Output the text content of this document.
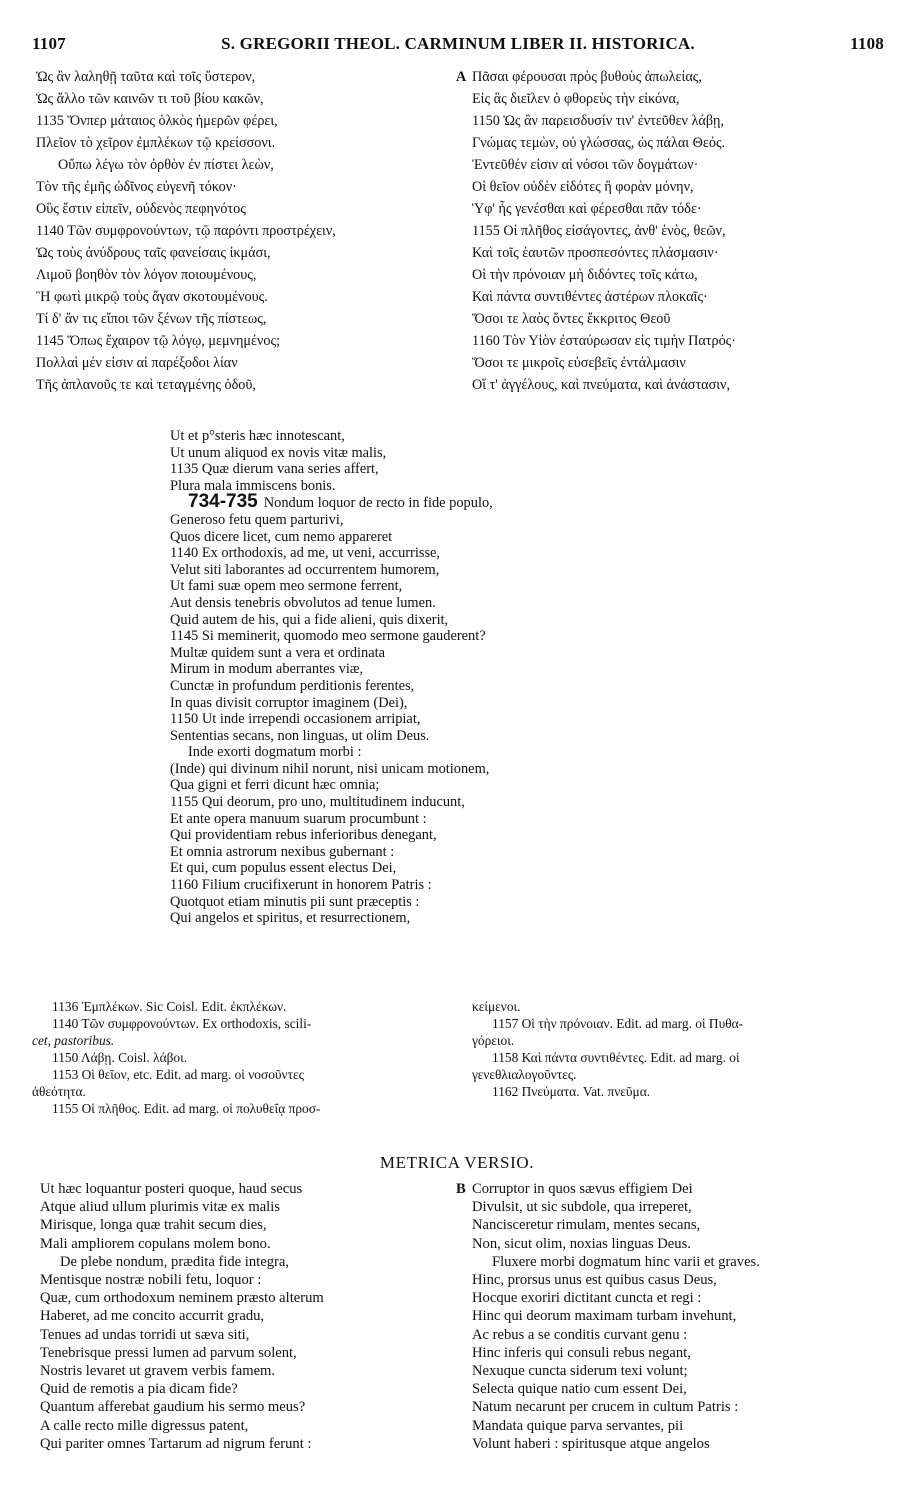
1107	S. GREGORII THEOL. CARMINUM LIBER II. HISTORICA.	1108
Ὡς ἂν λαληθῇ ταῦτα καὶ τοῖς ὕστερον,
Ὡς ἄλλο τῶν καινῶν τι τοῦ βίου κακῶν,
1135 Ὅνπερ μάταιος ὁλκὸς ἡμερῶν φέρει,
Πλεῖον τὸ χεῖρον ἐμπλέκων τῷ κρείσσονι.
Οὔπω λέγω τὸν ὀρθὸν ἐν πίστει λεὼν,
Τὸν τῆς ἐμῆς ὠδῖνος εὐγενῆ τόκον·
Οὓς ἔστιν εἰπεῖν, οὐδενὸς πεφηνότος
1140 Τῶν συμφρονούντων, τῷ παρόντι προστρέχειν,
Ὡς τοὺς ἀνύδρους ταῖς φανείσαις ἰκμάσι,
Λιμοῦ βοηθὸν τὸν λόγον ποιουμένους,
Ἢ φωτὶ μικρῷ τοὺς ἄγαν σκοτουμένους.
Τί δ' ἄν τις εἴποι τῶν ξένων τῆς πίστεως,
1145 Ὅπως ἔχαιρον τῷ λόγῳ, μεμνημένος;
Πολλαὶ μέν εἰσιν αἱ παρέξοδοι λίαν
Τῆς ἀπλανοῦς τε καὶ τεταγμένης ὁδοῦ,
A Πᾶσαι φέρουσαι πρὸς βυθοὺς ἀπωλείας,
Εἰς ἃς διεῖλεν ὁ φθορεὺς τὴν εἰκόνα,
1150 Ὡς ἂν παρεισδυσίν τιν' ἐντεῦθεν λάβῃ,
Γνώμας τεμὼν, οὐ γλώσσας, ὡς πάλαι Θεός.
Ἐντεῦθέν εἰσιν αἱ νόσοι τῶν δογμάτων·
Οἱ θεῖον οὐδὲν εἰδότες ἢ φορὰν μόνην,
Ὑφ' ἧς γενέσθαι καὶ φέρεσθαι πᾶν τόδε·
1155 Οἱ πλῆθος εἰσάγοντες, ἀνθ' ἑνὸς, θεῶν,
Καὶ τοῖς ἑαυτῶν προσπεσόντες πλάσμασιν·
Οἱ τὴν πρόνοιαν μὴ διδόντες τοῖς κάτω,
Καὶ πάντα συντιθέντες ἀστέρων πλοκαῖς·
Ὅσοι τε λαὸς ὄντες ἔκκριτος Θεοῦ
1160 Τὸν Υἱὸν ἐσταύρωσαν εἰς τιμὴν Πατρός·
Ὅσοι τε μικροῖς εὐσεβεῖς ἐντάλμασιν
Οἵ τ' ἀγγέλους, καὶ πνεύματα, καὶ ἀνάστασιν,
Ut et p°steris hæc innotescant,
Ut unum aliquod ex novis vitæ malis,
1135 Quæ dierum vana series affert,
Plura mala immiscens bonis.
734-735 Nondum loquor de recto in fide populo,
Generoso fetu quem parturivi,
Quos dicere licet, cum nemo appareret
1140 Ex orthodoxis, ad me, ut veni, accurrisse,
Velut siti laborantes ad occurrentem humorem,
Ut fami suæ opem meo sermone ferrent,
Aut densis tenebris obvolutos ad tenue lumen.
Quid autem de his, qui a fide alieni, quis dixerit,
1145 Si meminerit, quomodo meo sermone gauderent?
Multæ quidem sunt a vera et ordinata
Mirum in modum aberrantes viæ,
Cunctæ in profundum perditionis ferentes,
In quas divisit corruptor imaginem (Dei),
1150 Ut inde irrependi occasionem arripiat,
Sententias secans, non linguas, ut olim Deus.
Inde exorti dogmatum morbi :
(Inde) qui divinum nihil norunt, nisi unicam motionem,
Qua gigni et ferri dicunt hæc omnia;
1155 Qui deorum, pro uno, multitudinem inducunt,
Et ante opera manuum suarum procumbunt :
Qui providentiam rebus inferioribus denegant,
Et omnia astrorum nexibus gubernant :
Et qui, cum populus essent electus Dei,
1160 Filium crucifixerunt in honorem Patris :
Quotquot etiam minutis pii sunt præceptis :
Qui angelos et spiritus, et resurrectionem,
1136 Ἐμπλέκων. Sic Coisl. Edit. ἐκπλέκων.
1140 Τῶν συμφρονούντων. Ex orthodoxis, scili-
cet, pastoribus.
1150 Λάβῃ. Coisl. λάβοι.
1153 Οἱ θεῖον, etc. Edit. ad marg. οἱ νοσοῦντες
ἀθεότητα.
1155 Οἱ πλῆθος. Edit. ad marg. οἱ πολυθεΐᾳ προσ-
κείμενοι.
1157 Οἱ τὴν πρόνοιαν. Edit. ad marg. οἱ Πυθα-
γόρειοι.
1158 Καὶ πάντα συντιθέντες. Edit. ad marg. οἱ
γενεθλιαλογοῦντες.
1162 Πνεύματα. Vat. πνεῦμα.
METRICA VERSIO.
Ut hæc loquantur posteri quoque, haud secus
Atque aliud ullum plurimis vitæ ex malis
Mirisque, longa quæ trahit secum dies,
Mali ampliorem copulans molem bono.
De plebe nondum, prædita fide integra,
Mentisque nostræ nobili fetu, loquor :
Quæ, cum orthodoxum neminem præsto alterum
Haberet, ad me concito accurrit gradu,
Tenues ad undas torridi ut sæva siti,
Tenebrisque pressi lumen ad parvum solent,
Nostris levaret ut gravem verbis famem.
Quid de remotis a pia dicam fide?
Quantum afferebat gaudium his sermo meus?
A calle recto mille digressus patent,
Qui pariter omnes Tartarum ad nigrum ferunt :
B Corruptor in quos sævus effigiem Dei
Divulsit, ut sic subdole, qua irreperet,
Nancisceretur rimulam, mentes secans,
Non, sicut olim, noxias linguas Deus.
Fluxere morbi dogmatum hinc varii et graves.
Hinc, prorsus unus est quibus casus Deus,
Hocque exoriri dictitant cuncta et regi :
Hinc qui deorum maximam turbam invehunt,
Ac rebus a se conditis curvant genu :
Hinc inferis qui consuli rebus negant,
Nexuque cuncta siderum texi volunt;
Selecta quique natio cum essent Dei,
Natum necarunt per crucem in cultum Patris :
Mandata quique parva servantes, pii
Volunt haberi : spiritusque atque angelos
